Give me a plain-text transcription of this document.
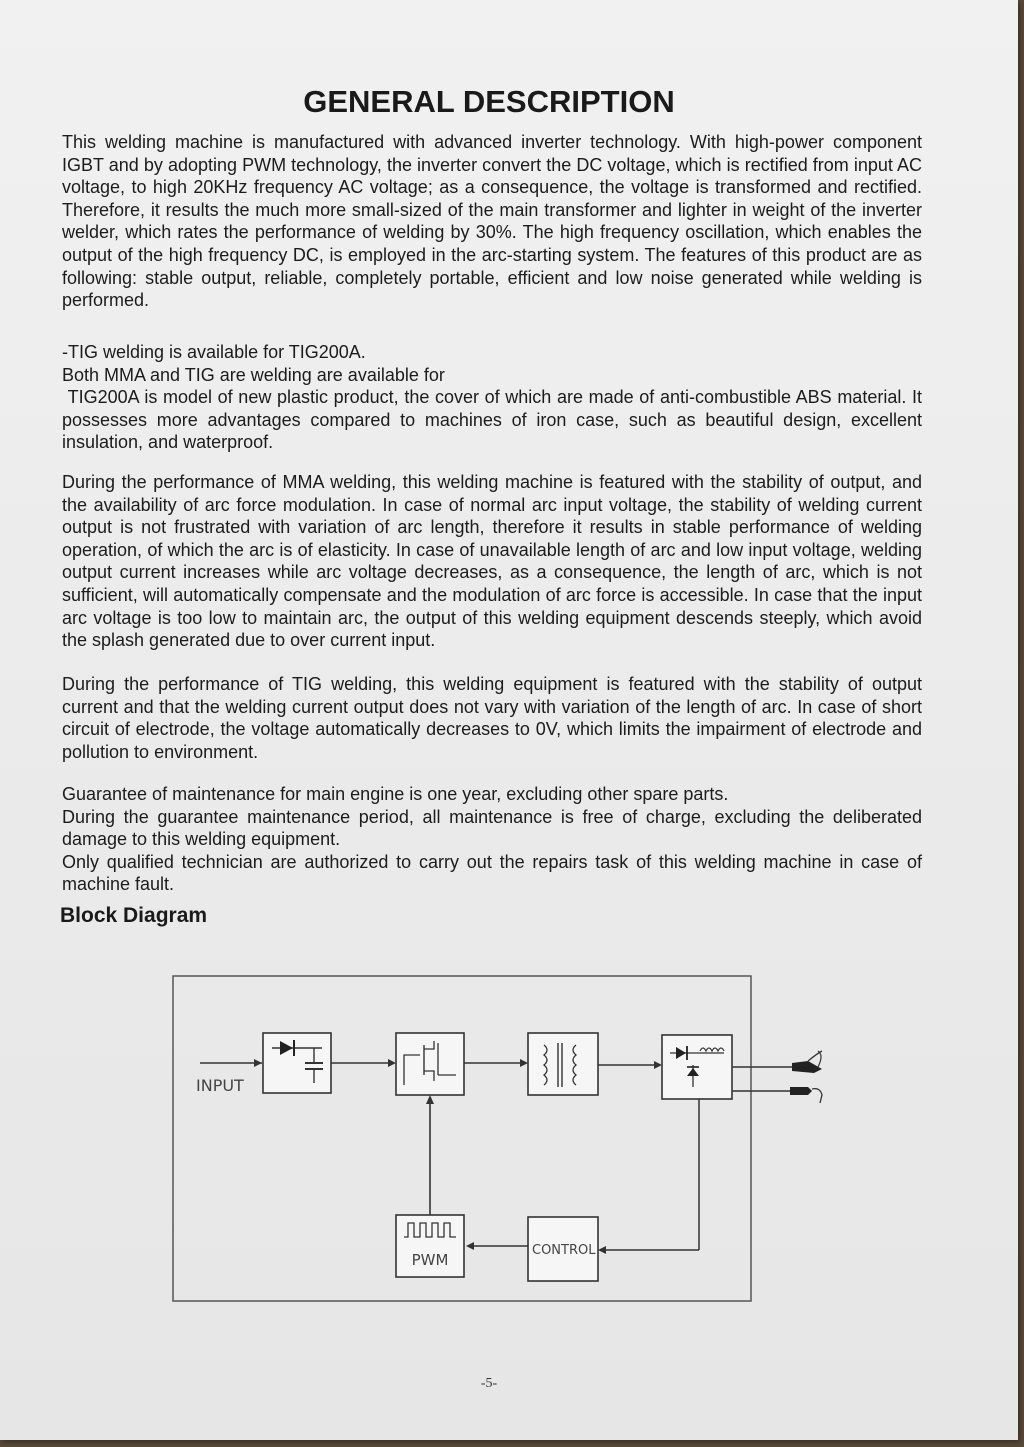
GENERAL DESCRIPTION
This welding machine is manufactured with advanced inverter technology. With high-power component IGBT and by adopting PWM technology, the inverter convert the DC voltage, which is rectified from input AC voltage, to high 20KHz frequency AC voltage; as a consequence, the voltage is transformed and rectified. Therefore, it results the much more small-sized of the main transformer and lighter in weight of the inverter welder, which rates the performance of welding by 30%. The high frequency oscillation, which enables the output of the high frequency DC, is employed in the arc-starting system. The features of this product are as following: stable output, reliable, completely portable, efficient and low noise generated while welding is performed.
-TIG welding is available for TIG200A.
Both MMA and TIG are welding are available for
TIG200A is model of new plastic product, the cover of which are made of anti-combustible ABS material. It possesses more advantages compared to machines of iron case, such as beautiful design, excellent insulation, and waterproof.
During the performance of MMA welding, this welding machine is featured with the stability of output, and the availability of arc force modulation. In case of normal arc input voltage, the stability of welding current output is not frustrated with variation of arc length, therefore it results in stable performance of welding operation, of which the arc is of elasticity. In case of unavailable length of arc and low input voltage, welding output current increases while arc voltage decreases, as a consequence, the length of arc, which is not sufficient, will automatically compensate and the modulation of arc force is accessible. In case that the input arc voltage is too low to maintain arc, the output of this welding equipment descends steeply, which avoid the splash generated due to over current input.
During the performance of TIG welding, this welding equipment is featured with the stability of output current and that the welding current output does not vary with variation of the length of arc. In case of short circuit of electrode, the voltage automatically decreases to 0V, which limits the impairment of electrode and pollution to environment.
Guarantee of maintenance for main engine is one year, excluding other spare parts.
During the guarantee maintenance period, all maintenance is free of charge, excluding the deliberated damage to this welding equipment.
Only qualified technician are authorized to carry out the repairs task of this welding machine in case of machine fault.
Block Diagram
INPUT
PWM
CONTROL
-5-
